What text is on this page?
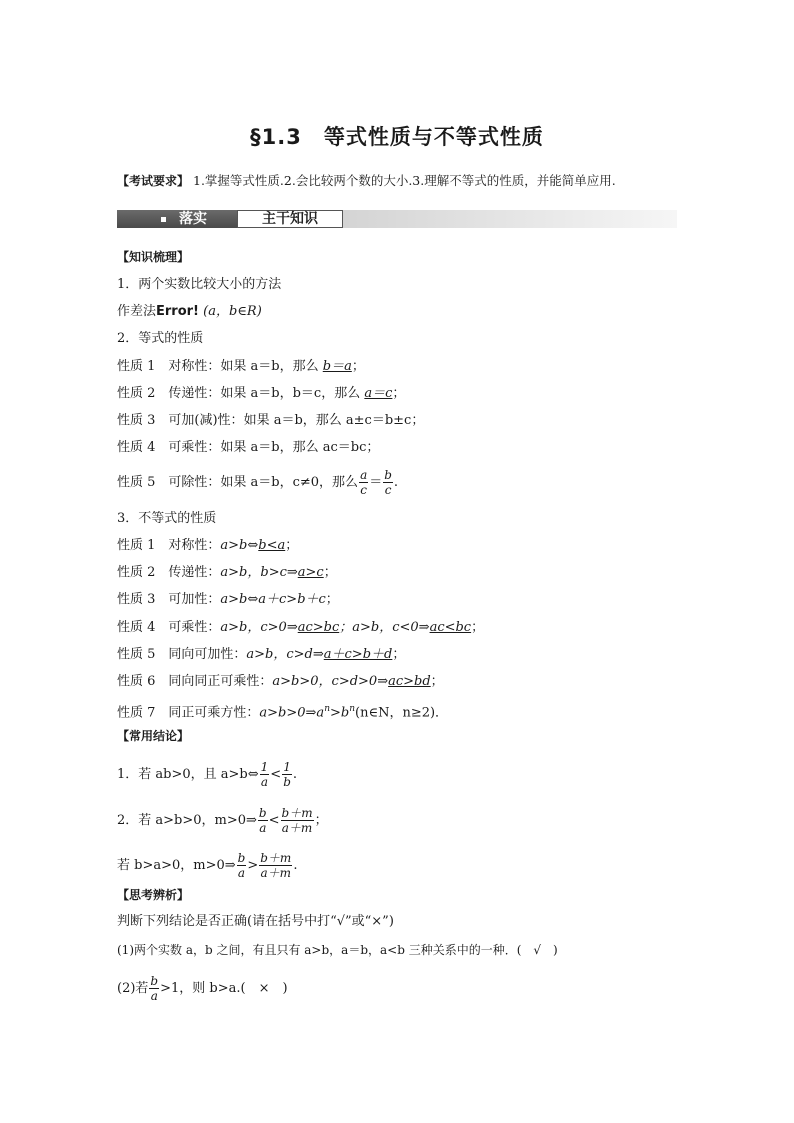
§1.3　等式性质与不等式性质
【考试要求】 1.掌握等式性质.2.会比较两个数的大小.3.理解不等式的性质，并能简单应用.
落实	主干知识
【知识梳理】
1．两个实数比较大小的方法
作差法Error! (a，b∈R)
2．等式的性质
性质 1　对称性：如果 a＝b，那么 b＝a；
性质 2　传递性：如果 a＝b，b＝c，那么 a＝c；
性质 3　可加(减)性：如果 a＝b，那么 a±c＝b±c；
性质 4　可乘性：如果 a＝b，那么 ac＝bc；
性质 5　可除性：如果 a＝b，c≠0，那么 $\frac{a}{c} = \frac{b}{c}$ .
3．不等式的性质
性质 1　对称性：a>b⇔b<a；
性质 2　传递性：a>b，b>c⇒a>c；
性质 3　可加性：a>b⇔a＋c>b＋c；
性质 4　可乘性：a>b，c>0⇒ac>bc；a>b，c<0⇒ac<bc；
性质 5　同向可加性：a>b，c>d⇒a＋c>b＋d；
性质 6　同向同正可乘性：a>b>0，c>d>0⇒ac>bd；
性质 7　同正可乘方性：$a>b>0\Rightarrow a^n>b^n(n\in N$，n≥2)．
【常用结论】
1．若 ab>0，且 a>b⇔ $\frac{1}{a} < \frac{1}{b}$ .
2．若 a>b>0，m>0⇒ $\frac{b}{a} < \frac{b+m}{a+m}$ ；
若 b>a>0，m>0⇒ $\frac{b}{a} > \frac{b+m}{a+m}$ .
【思考辨析】
判断下列结论是否正确(请在括号中打“√”或“×”)
(1)两个实数 a，b 之间，有且只有 a>b，a＝b，a<b 三种关系中的一种．(　√　)
(2)若 $\frac{b}{a} >1$，则 b>a.(　×　)
